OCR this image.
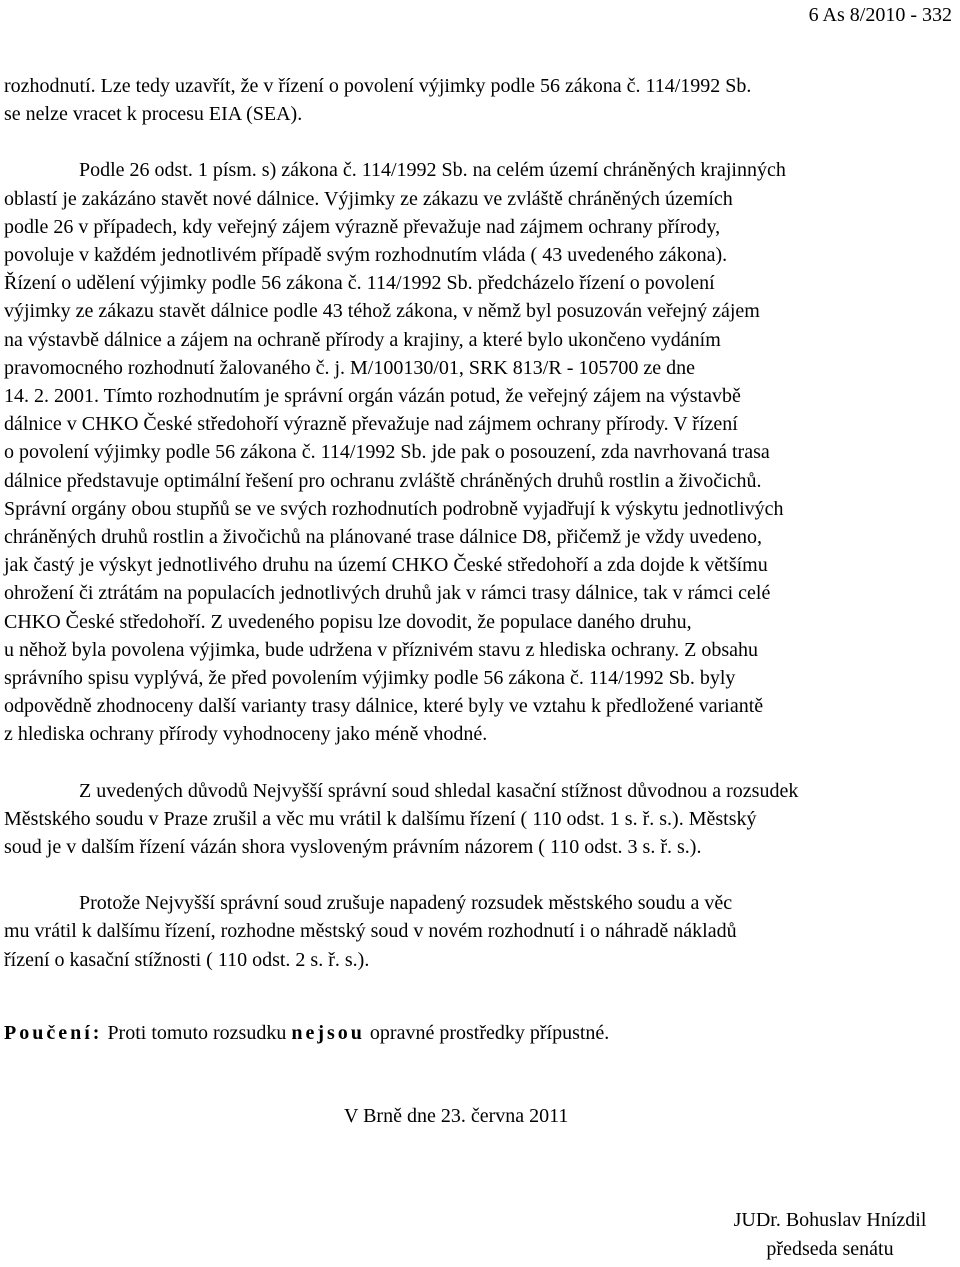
6 As 8/2010 - 332

rozhodnutí. Lze tedy uzavřít, že v řízení o povolení výjimky podle 56 zákona č. 114/1992 Sb.
se nelze vracet k procesu EIA (SEA).

Podle 26 odst. 1 písm. s) zákona č. 114/1992 Sb. na celém území chráněných krajinných
oblastí je zakázáno stavět nové dálnice. Výjimky ze zákazu ve zvláště chráněných územích
podle 26 v případech, kdy veřejný zájem výrazně převažuje nad zájmem ochrany přírody,
povoluje v každém jednotlivém případě svým rozhodnutím vláda ( 43 uvedeného zákona).
Řízení o udělení výjimky podle 56 zákona č. 114/1992 Sb. předcházelo řízení o povolení
výjimky ze zákazu stavět dálnice podle 43 téhož zákona, v němž byl posuzován veřejný zájem
na výstavbě dálnice a zájem na ochraně přírody a krajiny, a které bylo ukončeno vydáním
pravomocného rozhodnutí žalovaného č. j. M/100130/01, SRK 813/R - 105700 ze dne
14. 2. 2001. Tímto rozhodnutím je správní orgán vázán potud, že veřejný zájem na výstavbě
dálnice v CHKO České středohoří výrazně převažuje nad zájmem ochrany přírody. V řízení
o povolení výjimky podle 56 zákona č. 114/1992 Sb. jde pak o posouzení, zda navrhovaná trasa
dálnice představuje optimální řešení pro ochranu zvláště chráněných druhů rostlin a živočichů.
Správní orgány obou stupňů se ve svých rozhodnutích podrobně vyjadřují k výskytu jednotlivých
chráněných druhů rostlin a živočichů na plánované trase dálnice D8, přičemž je vždy uvedeno,
jak častý je výskyt jednotlivého druhu na území CHKO České středohoří a zda dojde k většímu
ohrožení či ztrátám na populacích jednotlivých druhů jak v rámci trasy dálnice, tak v rámci celé
CHKO České středohoří. Z uvedeného popisu lze dovodit, že populace daného druhu,
u něhož byla povolena výjimka, bude udržena v příznivém stavu z hlediska ochrany. Z obsahu
správního spisu vyplývá, že před povolením výjimky podle 56 zákona č. 114/1992 Sb. byly
odpovědně zhodnoceny další varianty trasy dálnice, které byly ve vztahu k předložené variantě
z hlediska ochrany přírody vyhodnoceny jako méně vhodné.

Z uvedených důvodů Nejvyšší správní soud shledal kasační stížnost důvodnou a rozsudek
Městského soudu v Praze zrušil a věc mu vrátil k dalšímu řízení ( 110 odst. 1 s. ř. s.). Městský
soud je v dalším řízení vázán shora vysloveným právním názorem ( 110 odst. 3 s. ř. s.).

Protože Nejvyšší správní soud zrušuje napadený rozsudek městského soudu a věc
mu vrátil k dalšímu řízení, rozhodne městský soud v novém rozhodnutí i o náhradě nákladů
řízení o kasační stížnosti ( 110 odst. 2 s. ř. s.).

Poučení: Proti tomuto rozsudku nejsou opravné prostředky přípustné.
V Brně dne 23. června 2011
JUDr. Bohuslav Hnízdil
předseda senátu
